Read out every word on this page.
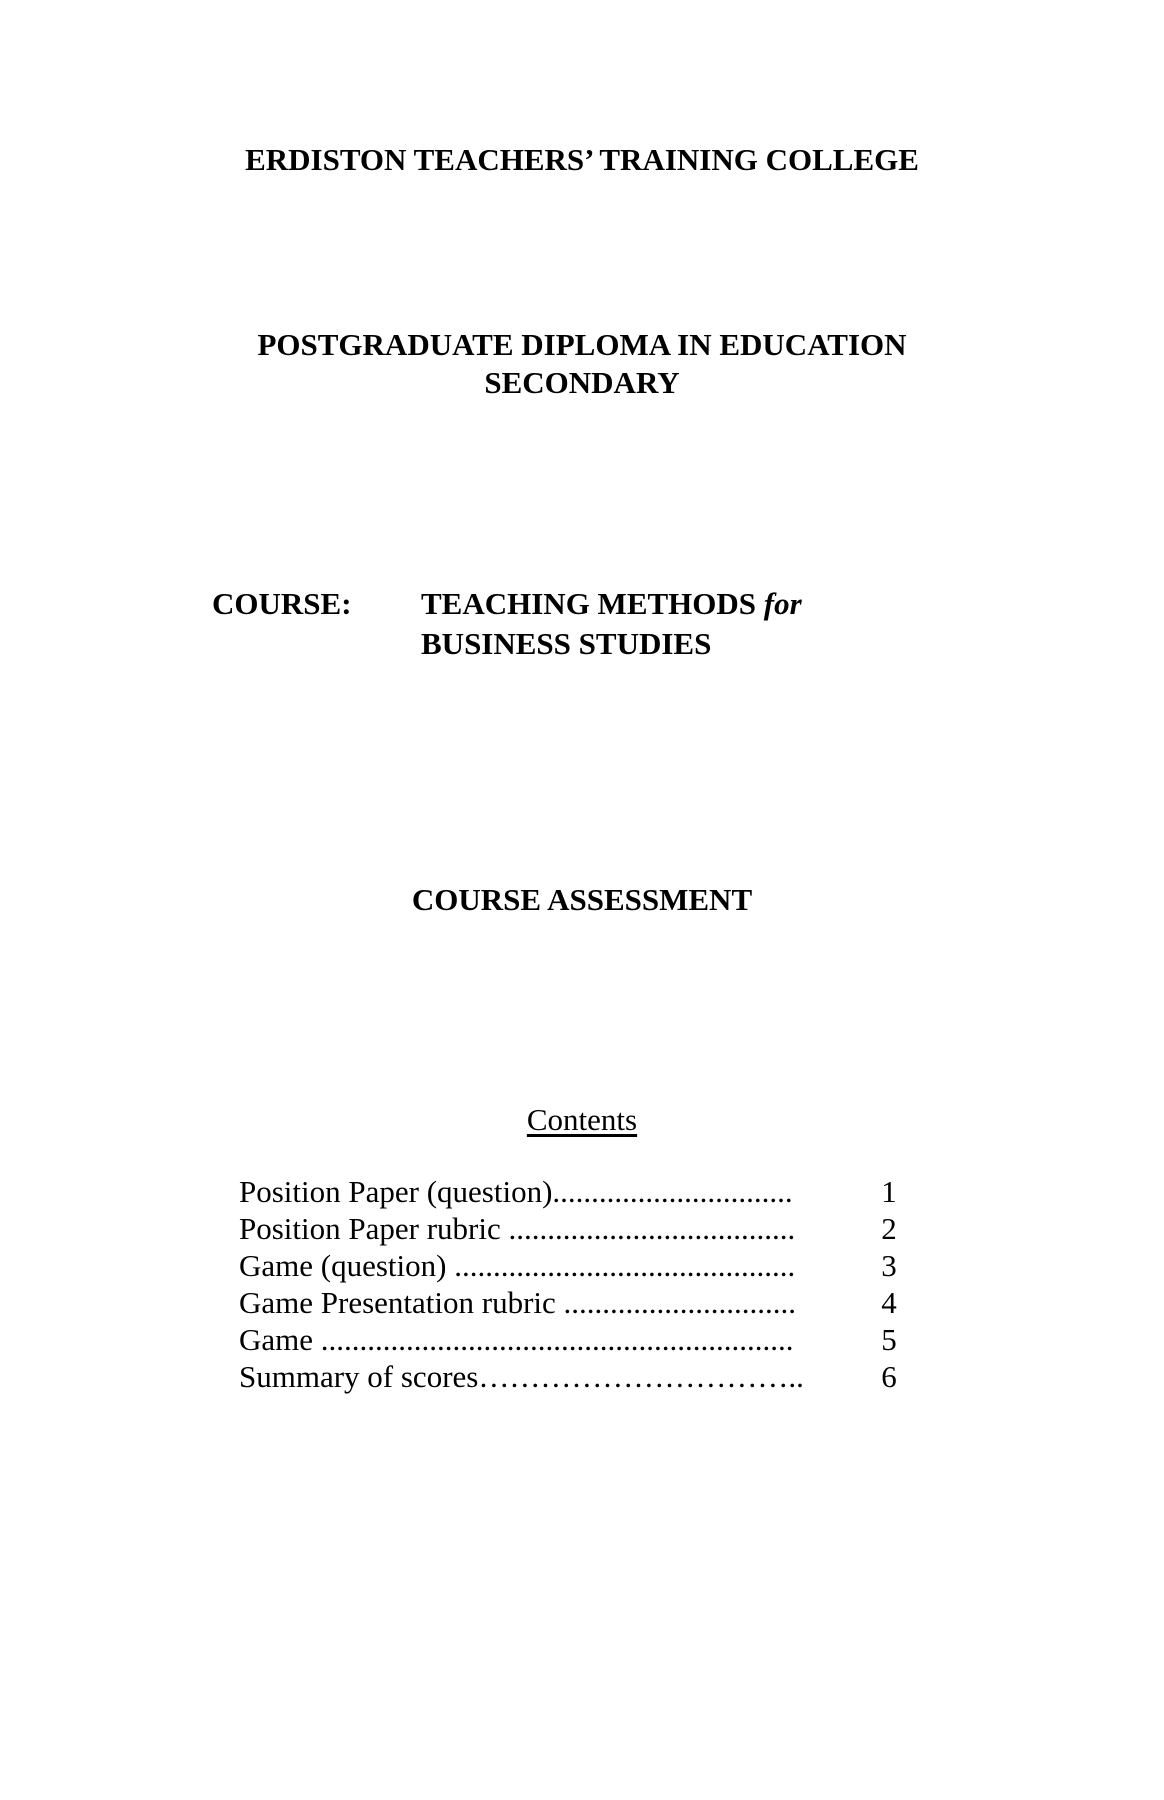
ERDISTON TEACHERS’ TRAINING COLLEGE
POSTGRADUATE DIPLOMA IN EDUCATION
SECONDARY
COURSE: TEACHING METHODS for
BUSINESS STUDIES
COURSE ASSESSMENT
Contents
Position Paper (question)...............................	1
Position Paper rubric .....................................	2
Game (question) ............................................	3
Game Presentation rubric ..............................	4
Game .............................................................	5
Summary of scores………………………….. 6
